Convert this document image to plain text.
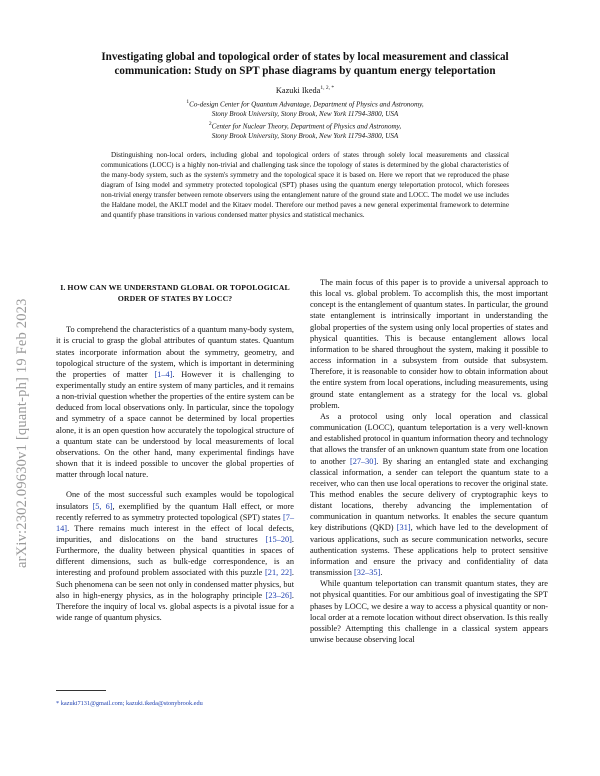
arXiv:2302.09630v1 [quant-ph] 19 Feb 2023
Investigating global and topological order of states by local measurement and classical communication: Study on SPT phase diagrams by quantum energy teleportation
Kazuki Ikeda$^{1, 2, *}$
$^1$Co-design Center for Quantum Advantage, Department of Physics and Astronomy,
Stony Brook University, Stony Brook, New York 11794-3800, USA
$^2$Center for Nuclear Theory, Department of Physics and Astronomy,
Stony Brook University, Stony Brook, New York 11794-3800, USA
Distinguishing non-local orders, including global and topological orders of states through solely local measurements and classical communications (LOCC) is a highly non-trivial and challenging task since the topology of states is determined by the global characteristics of the many-body system, such as the system's symmetry and the topological space it is based on. Here we report that we reproduced the phase diagram of Ising model and symmetry protected topological (SPT) phases using the quantum energy teleportation protocol, which foresees non-trivial energy transfer between remote observers using the entanglement nature of the ground state and LOCC. The model we use includes the Haldane model, the AKLT model and the Kitaev model. Therefore our method paves a new general experimental framework to determine and quantify phase transitions in various condensed matter physics and statistical mechanics.
I. HOW CAN WE UNDERSTAND GLOBAL OR TOPOLOGICAL ORDER OF STATES BY LOCC?

To comprehend the characteristics of a quantum many-body system, it is crucial to grasp the global attributes of quantum states. Quantum states incorporate information about the symmetry, geometry, and topological structure of the system, which is important in determining the properties of matter [1–4]. However it is challenging to experimentally study an entire system of many particles, and it remains a non-trivial question whether the properties of the entire system can be deduced from local observations only. In particular, since the topology and symmetry of a space cannot be determined by local properties alone, it is an open question how accurately the topological structure of a quantum state can be understood by local measurements of local observations. On the other hand, many experimental findings have shown that it is indeed possible to uncover the global properties of matter through local nature.

One of the most successful such examples would be topological insulators [5, 6], exemplified by the quantum Hall effect, or more recently referred to as symmetry protected topological (SPT) states [7–14]. There remains much interest in the effect of local defects, impurities, and dislocations on the band structures [15–20]. Furthermore, the duality between physical quantities in spaces of different dimensions, such as bulk-edge correspondence, is an interesting and profound problem associated with this puzzle [21, 22]. Such phenomena can be seen not only in condensed matter physics, but also in high-energy physics, as in the holography principle [23–26]. Therefore the inquiry of local vs. global aspects is a pivotal issue for a wide range of quantum physics.

The main focus of this paper is to provide a universal approach to this local vs. global problem. To accomplish this, the most important concept is the entanglement of quantum states. In particular, the ground state entanglement is intrinsically important in understanding the global properties of the system using only local properties of states and physical quantities. This is because entanglement allows local information to be shared throughout the system, making it possible to access information in a subsystem from outside that subsystem. Therefore, it is reasonable to consider how to obtain information about the entire system from local operations, including measurements, using ground state entanglement as a strategy for the local vs. global problem.

As a protocol using only local operation and classical communication (LOCC), quantum teleportation is a very well-known and established protocol in quantum information theory and technology that allows the transfer of an unknown quantum state from one location to another [27–30]. By sharing an entangled state and exchanging classical information, a sender can teleport the quantum state to a receiver, who can then use local operations to recover the original state. This method enables the secure delivery of cryptographic keys to distant locations, thereby advancing the implementation of communication in quantum networks. It enables the secure quantum key distributions (QKD) [31], which have led to the development of various applications, such as secure communication networks, secure authentication systems. These applications help to protect sensitive information and ensure the privacy and confidentiality of data transmission [32–35].

While quantum teleportation can transmit quantum states, they are not physical quantities. For our ambitious goal of investigating the SPT phases by LOCC, we desire a way to access a physical quantity or non-local order at a remote location without direct observation. Is this really possible? Attempting this challenge in a classical system appears unwise because observing local

* kazuki7131@gmail.com; kazuki.ikeda@stonybrook.edu
